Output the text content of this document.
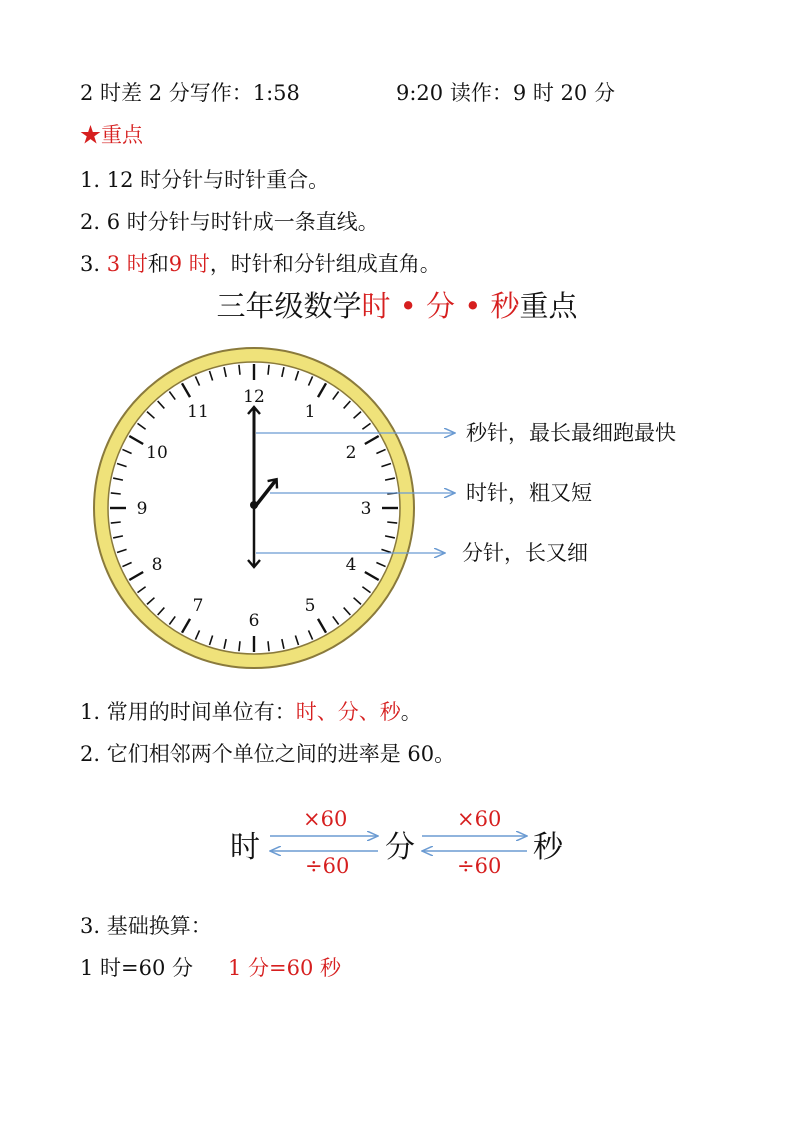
2 时差 2 分写作：1:58	9:20 读作：9 时 20 分
★重点
1. 12 时分针与时针重合。
2. 6 时分针与时针成一条直线。
3. 3 时和9 时，时针和分针组成直角。
三年级数学时 • 分 • 秒重点
12
1
2
3
4
5
6
7
8
9
10
11
秒针，最长最细跑最快
时针，粗又短
分针，长又细
1. 常用的时间单位有：时、分、秒。
2. 它们相邻两个单位之间的进率是 60。
时	分	秒
×60
÷60
×60
÷60
3. 基础换算：
1 时=60 分 1 分=60 秒
